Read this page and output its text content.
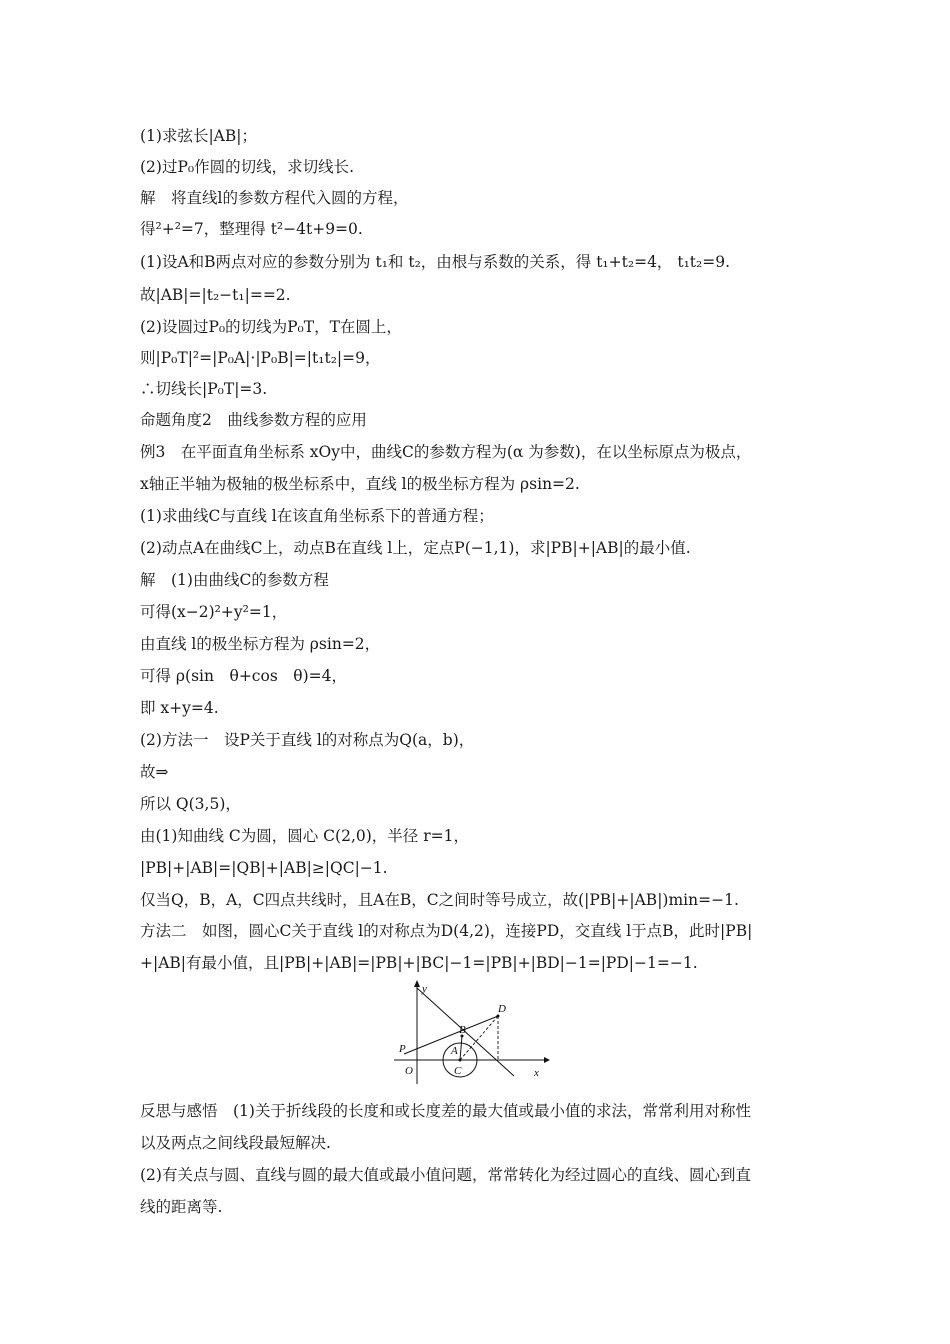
(1)求弦长|AB|；
(2)过P₀作圆的切线，求切线长.
解　将直线l的参数方程代入圆的方程，
得²+²=7，整理得 t²−4t+9=0.
(1)设A和B两点对应的参数分别为 t₁和 t₂，由根与系数的关系，得 t₁+t₂=4， t₁t₂=9.
故|AB|=|t₂−t₁|==2.
(2)设圆过P₀的切线为P₀T，T在圆上，
则|P₀T|²=|P₀A|·|P₀B|=|t₁t₂|=9，
∴切线长|P₀T|=3.
命题角度2　曲线参数方程的应用
例3　在平面直角坐标系 xOy中，曲线C的参数方程为(α 为参数)，在以坐标原点为极点，
x轴正半轴为极轴的极坐标系中，直线 l的极坐标方程为 ρsin=2.
(1)求曲线C与直线 l在该直角坐标系下的普通方程；
(2)动点A在曲线C上，动点B在直线 l上，定点P(−1,1)，求|PB|+|AB|的最小值.
解　(1)由曲线C的参数方程
可得(x−2)²+y²=1，
由直线 l的极坐标方程为 ρsin=2，
可得 ρ(sin　θ+cos　θ)=4，
即 x+y=4.
(2)方法一　设P关于直线 l的对称点为Q(a，b)，
故⇒
所以 Q(3,5)，
由(1)知曲线 C为圆，圆心 C(2,0)，半径 r=1，
|PB|+|AB|=|QB|+|AB|≥|QC|−1.
仅当Q，B，A，C四点共线时，且A在B，C之间时等号成立，故(|PB|+|AB|)min=−1.
方法二　如图，圆心C关于直线 l的对称点为D(4,2)，连接PD，交直线 l于点B，此时|PB|
+|AB|有最小值，且|PB|+|AB|=|PB|+|BC|−1=|PB|+|BD|−1=|PD|−1=−1.
y
x
O
P	A
B
C
D
反思与感悟　(1)关于折线段的长度和或长度差的最大值或最小值的求法，常常利用对称性
以及两点之间线段最短解决.
(2)有关点与圆、直线与圆的最大值或最小值问题，常常转化为经过圆心的直线、圆心到直
线的距离等.
